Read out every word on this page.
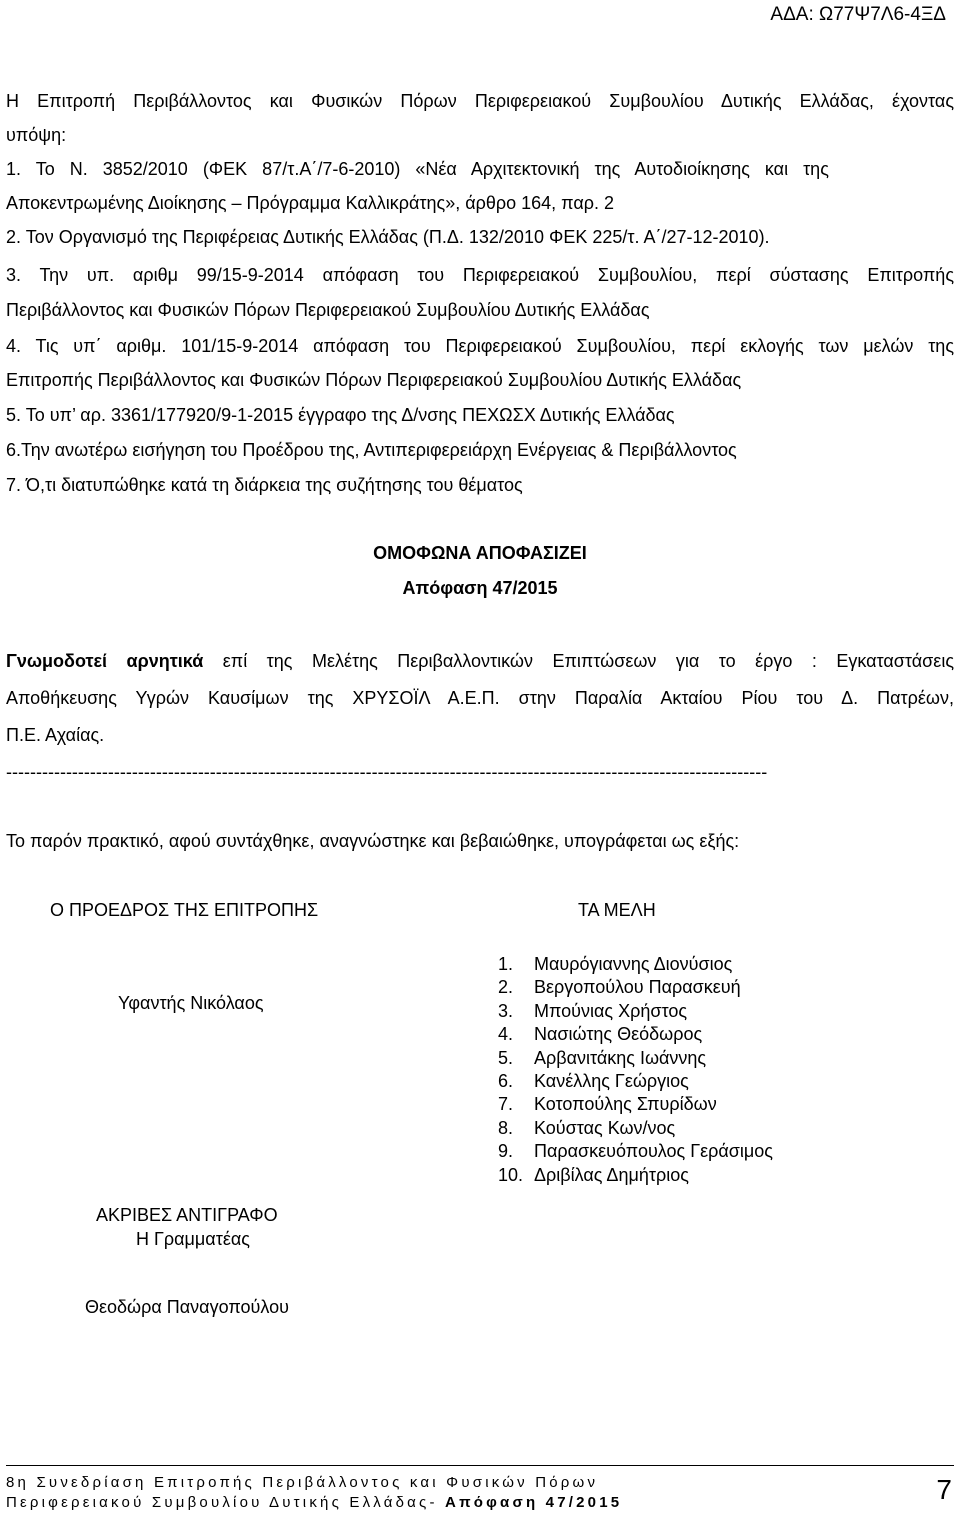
ΑΔΑ: Ω77Ψ7Λ6-4ΞΔ
Η Επιτροπή Περιβάλλοντος και Φυσικών Πόρων Περιφερειακού Συμβουλίου Δυτικής Ελλάδας, έχοντας
υπόψη:
1.   Το   Ν.   3852/2010   (ΦΕΚ   87/τ.Α΄/7-6-2010)   «Νέα   Αρχιτεκτονική   της   Αυτοδιοίκησης   και   της
Αποκεντρωμένης Διοίκησης – Πρόγραμμα Καλλικράτης», άρθρο 164, παρ. 2
2. Τον Οργανισμό της Περιφέρειας Δυτικής Ελλάδας (Π.Δ. 132/2010 ΦΕΚ 225/τ. Α΄/27-12-2010).
3. Την υπ. αριθμ 99/15-9-2014 απόφαση του Περιφερειακού Συμβουλίου, περί σύστασης Επιτροπής
Περιβάλλοντος και Φυσικών Πόρων Περιφερειακού Συμβουλίου Δυτικής Ελλάδας
4. Τις υπ΄ αριθμ. 101/15-9-2014 απόφαση του Περιφερειακού Συμβουλίου, περί εκλογής των μελών της
Επιτροπής Περιβάλλοντος και Φυσικών Πόρων Περιφερειακού Συμβουλίου Δυτικής Ελλάδας
5. Το υπ’ αρ. 3361/177920/9-1-2015 έγγραφο της Δ/νσης ΠΕΧΩΣΧ Δυτικής Ελλάδας
6.Την ανωτέρω εισήγηση του Προέδρου της, Αντιπεριφερειάρχη Ενέργειας & Περιβάλλοντος
7. Ό,τι διατυπώθηκε κατά τη διάρκεια της συζήτησης του θέματος
ΟΜΟΦΩΝΑ ΑΠΟΦΑΣΙΖΕΙ
Απόφαση 47/2015
Γνωμοδοτεί αρνητικά επί της Μελέτης Περιβαλλοντικών Επιπτώσεων για το έργο : Εγκαταστάσεις
Αποθήκευσης Υγρών Καυσίμων της ΧΡΥΣΟΪΛ Α.Ε.Π. στην Παραλία Ακταίου Ρίου του Δ. Πατρέων,
Π.Ε. Αχαίας.
-------------------------------------------------------------------------------------------------------------------------------
Το παρόν πρακτικό, αφού συντάχθηκε, αναγνώστηκε και βεβαιώθηκε, υπογράφεται ως εξής:
Ο ΠΡΟΕΔΡΟΣ ΤΗΣ ΕΠΙΤΡΟΠΗΣ	ΤΑ ΜΕΛΗ
Υφαντής Νικόλαος
1.	Μαυρόγιαννης Διονύσιος
2.	Βεργοπούλου Παρασκευή
3.	Μπούνιας Χρήστος
4.	Νασιώτης Θεόδωρος
5.	Αρβανιτάκης Ιωάννης
6.	Κανέλλης Γεώργιος
7.	Κοτοπούλης Σπυρίδων
8.	Κούστας Κων/νος
9.	Παρασκευόπουλος Γεράσιμος
10. Δριβίλας Δημήτριος
ΑΚΡΙΒΕΣ ΑΝΤΙΓΡΑΦΟ
Η Γραμματέας
Θεοδώρα Παναγοπούλου
8η Συνεδρίαση Επιτροπής Περιβάλλοντος και Φυσικών Πόρων
Περιφερειακού Συμβουλίου Δυτικής Ελλάδας- Απόφαση 47/2015	7
